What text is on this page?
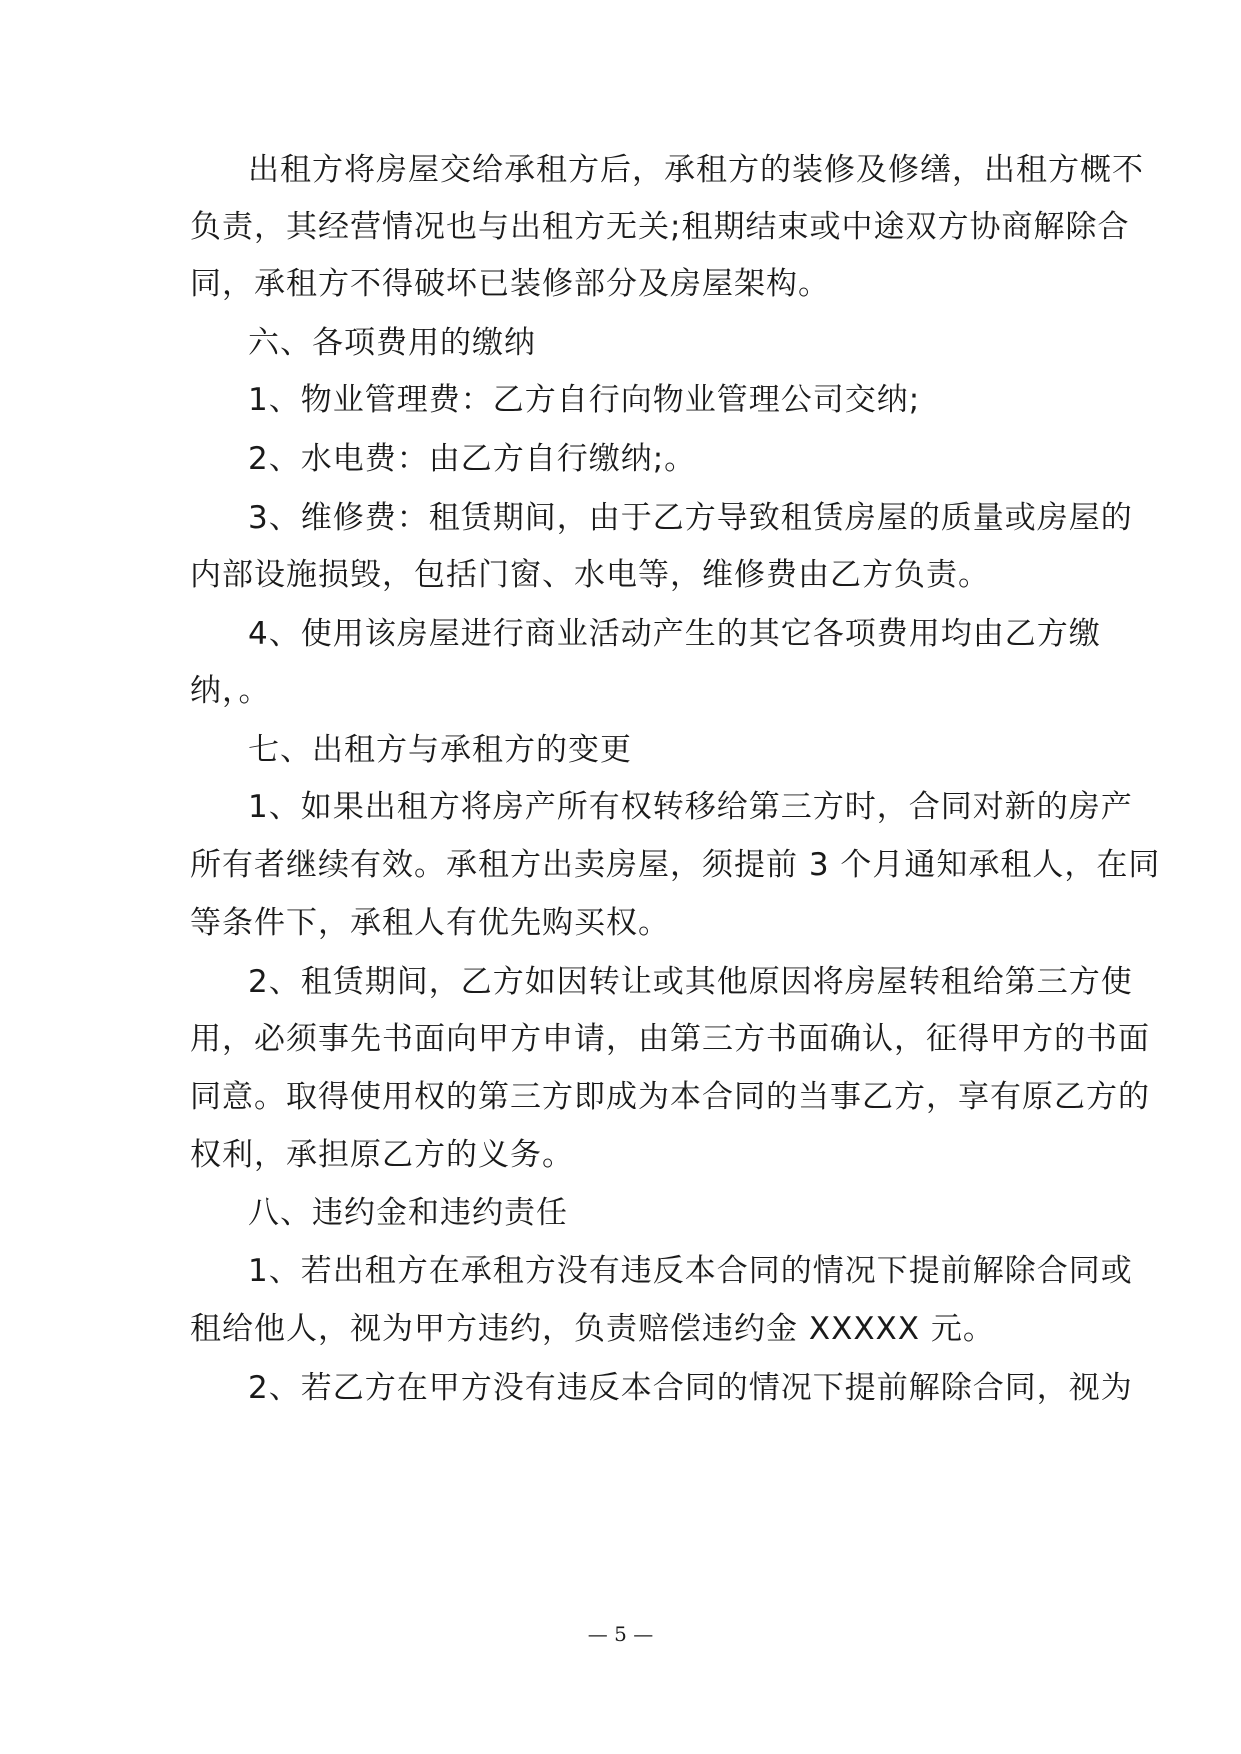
出租方将房屋交给承租方后，承租方的装修及修缮，出租方概不
负责，其经营情况也与出租方无关;租期结束或中途双方协商解除合
同，承租方不得破坏已装修部分及房屋架构。
六、各项费用的缴纳
1、物业管理费：乙方自行向物业管理公司交纳;
2、水电费：由乙方自行缴纳;。
3、维修费：租赁期间，由于乙方导致租赁房屋的质量或房屋的
内部设施损毁，包括门窗、水电等，维修费由乙方负责。
4、使用该房屋进行商业活动产生的其它各项费用均由乙方缴
纳，。
七、出租方与承租方的变更
1、如果出租方将房产所有权转移给第三方时，合同对新的房产
所有者继续有效。承租方出卖房屋，须提前 3 个月通知承租人，在同
等条件下，承租人有优先购买权。
2、租赁期间，乙方如因转让或其他原因将房屋转租给第三方使
用，必须事先书面向甲方申请，由第三方书面确认，征得甲方的书面
同意。取得使用权的第三方即成为本合同的当事乙方，享有原乙方的
权利，承担原乙方的义务。
八、违约金和违约责任
1、若出租方在承租方没有违反本合同的情况下提前解除合同或
租给他人，视为甲方违约，负责赔偿违约金 XXXXX 元。
2、若乙方在甲方没有违反本合同的情况下提前解除合同，视为
— 5 —
